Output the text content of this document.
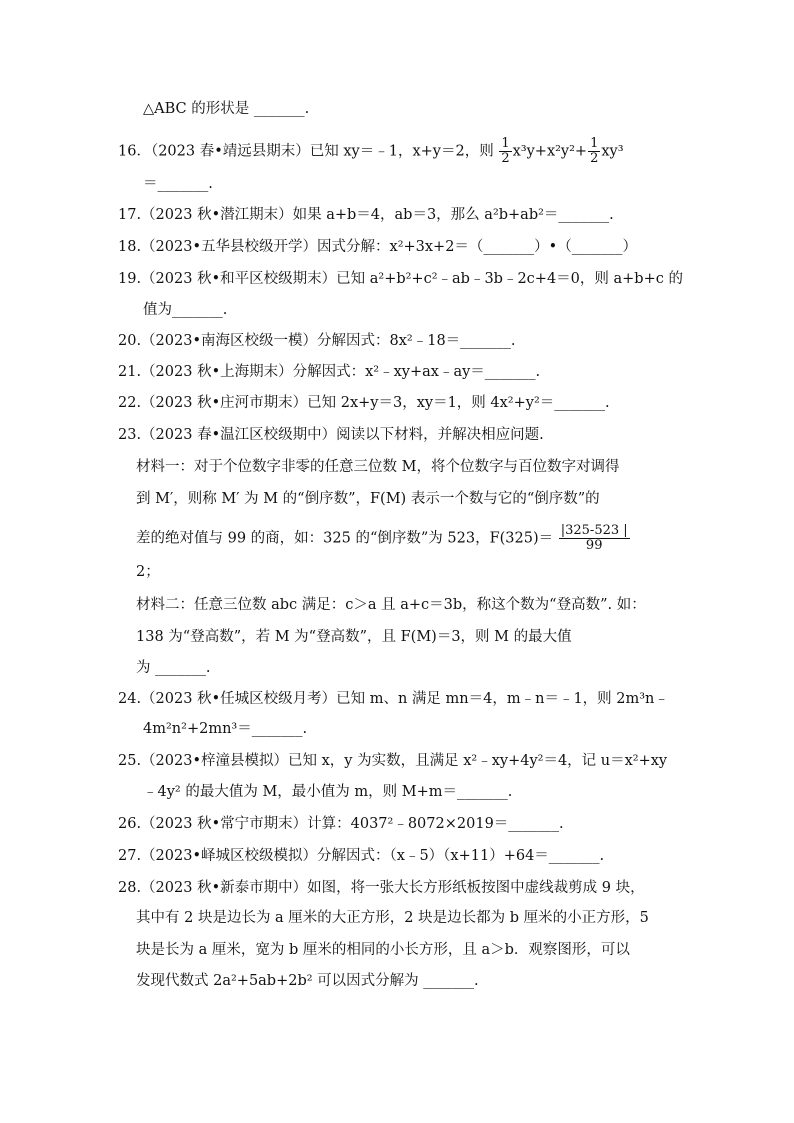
△ABC 的形状是 _______.
16．（2023 春•靖远县期末）已知 xy＝﹣1，x+y＝2，则 $\frac{1}{2} x^3y+x^2y^2+ \frac{1}{2} xy^3$
＝_______.
17.（2023 秋•潜江期末）如果 a+b＝4，ab＝3，那么 a²b+ab²＝_______.
18.（2023•五华县校级开学）因式分解：x²+3x+2＝（_______）•（_______）
19.（2023 秋•和平区校级期末）已知 a²+b²+c²﹣ab﹣3b﹣2c+4＝0，则 a+b+c 的
值为_______.
20.（2023•南海区校级一模）分解因式：8x²﹣18＝_______.
21.（2023 秋•上海期末）分解因式：x²﹣xy+ax﹣ay＝_______.
22.（2023 秋•庄河市期末）已知 2x+y＝3，xy＝1，则 4x²+y²＝_______.
23.（2023 春•温江区校级期中）阅读以下材料，并解决相应问题.
材料一：对于个位数字非零的任意三位数 M，将个位数字与百位数字对调得
到 M′，则称 M′ 为 M 的“倒序数”，F(M) 表示一个数与它的“倒序数”的
差的绝对值与 99 的商，如：325 的“倒序数”为 523，$F(325)= \frac{|325-523 |}{99}$
2；
材料二：任意三位数 abc 满足：c＞a 且 a+c＝3b，称这个数为“登高数”. 如：
138 为“登高数”，若 M 为“登高数”，且 F(M)＝3，则 M 的最大值
为 _______.
24.（2023 秋•任城区校级月考）已知 m、n 满足 mn＝4，m﹣n＝﹣1，则 2m³n﹣
4m²n²+2mn³＝_______.
25.（2023•梓潼县模拟）已知 x，y 为实数，且满足 x²﹣xy+4y²＝4，记 u＝x²+xy
﹣4y² 的最大值为 M，最小值为 m，则 M+m＝_______.
26.（2023 秋•常宁市期末）计算：4037²﹣8072×2019＝_______.
27.（2023•峄城区校级模拟）分解因式：（x﹣5）（x+11）+64＝_______.
28.（2023 秋•新泰市期中）如图，将一张大长方形纸板按图中虚线裁剪成 9 块，
其中有 2 块是边长为 a 厘米的大正方形，2 块是边长都为 b 厘米的小正方形，5
块是长为 a 厘米，宽为 b 厘米的相同的小长方形，且 a＞b．观察图形，可以
发现代数式 2a²+5ab+2b² 可以因式分解为 _______.
